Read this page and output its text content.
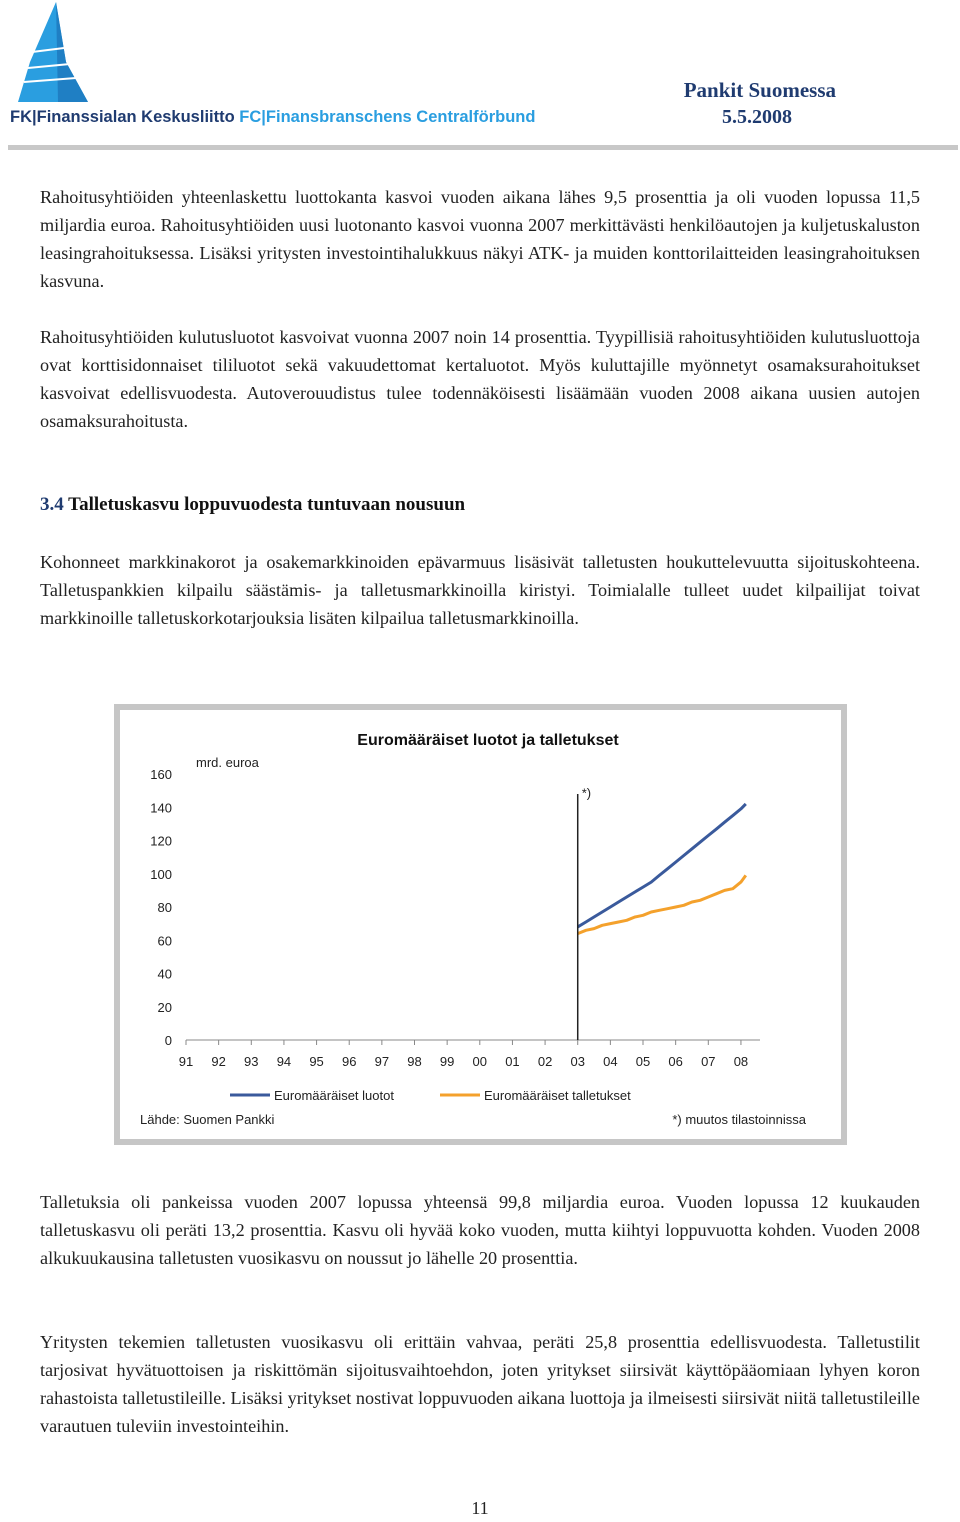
FK|Finanssialan Keskusliitto FC|Finansbranschens Centralförbund
Pankit Suomessa
5.5.2008

Rahoitusyhtiöiden yhteenlaskettu luottokanta kasvoi vuoden aikana lähes 9,5 prosenttia ja oli vuoden lopussa 11,5 miljardia euroa. Rahoitusyhtiöiden uusi luotonanto kasvoi vuonna 2007 merkittävästi henkilöautojen ja kuljetuskaluston leasingrahoituksessa. Lisäksi yritysten investointihalukkuus näkyi ATK- ja muiden konttorilaitteiden leasingrahoituksen kasvuna.

Rahoitusyhtiöiden kulutusluotot kasvoivat vuonna 2007 noin 14 prosenttia. Tyypillisiä rahoitusyhtiöiden kulutusluottoja ovat korttisidonnaiset tililuotot sekä vakuudettomat kertaluotot. Myös kuluttajille myönnetyt osamaksurahoitukset kasvoivat edellisvuodesta. Autoverouudistus tulee todennäköisesti lisäämään vuoden 2008 aikana uusien autojen osamaksurahoitusta.

3.4 Talletuskasvu loppuvuodesta tuntuvaan nousuun

Kohonneet markkinakorot ja osakemarkkinoiden epävarmuus lisäsivät talletusten houkuttelevuutta sijoituskohteena. Talletuspankkien kilpailu säästämis- ja talletusmarkkinoilla kiristyi. Toimialalle tulleet uudet kilpailijat toivat markkinoille talletuskorkotarjouksia lisäten kilpailua talletusmarkkinoilla.

Euromääräiset luotot ja talletukset
mrd. euroa
0
20
40
60
80
100
120
140
160
91 92 93 94 95 96 97 98 99 00 01 02 03 04 05 06 07 08
*)
Euromääräiset luotot	Euromääräiset talletukset
Lähde: Suomen Pankki	*) muutos tilastoinnissa

Talletuksia oli pankeissa vuoden 2007 lopussa yhteensä 99,8 miljardia euroa. Vuoden lopussa 12 kuukauden talletuskasvu oli peräti 13,2 prosenttia. Kasvu oli hyvää koko vuoden, mutta kiihtyi loppuvuotta kohden. Vuoden 2008 alkukuukausina talletusten vuosikasvu on noussut jo lähelle 20 prosenttia.

Yritysten tekemien talletusten vuosikasvu oli erittäin vahvaa, peräti 25,8 prosenttia edellisvuodesta. Talletustilit tarjosivat hyvätuottoisen ja riskittömän sijoitusvaihtoehdon, joten yritykset siirsivät käyttöpääomiaan lyhyen koron rahastoista talletustileille. Lisäksi yritykset nostivat loppuvuoden aikana luottoja ja ilmeisesti siirsivät niitä talletustileille varautuen tuleviin investointeihin.

11
